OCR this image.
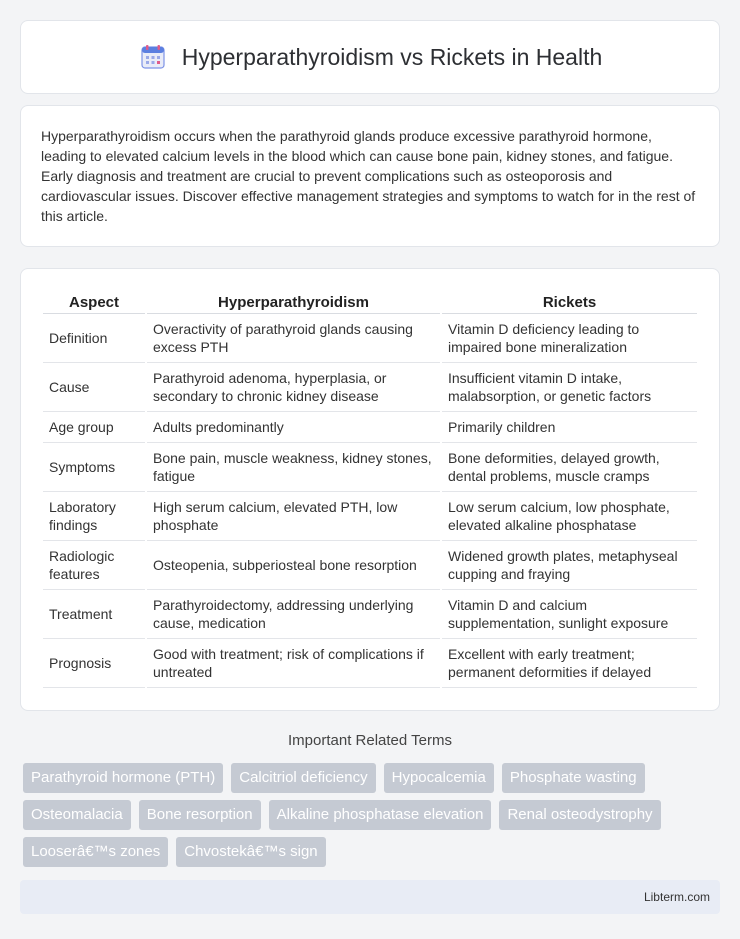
Hyperparathyroidism vs Rickets in Health
Hyperparathyroidism occurs when the parathyroid glands produce excessive parathyroid hormone, leading to elevated calcium levels in the blood which can cause bone pain, kidney stones, and fatigue. Early diagnosis and treatment are crucial to prevent complications such as osteoporosis and cardiovascular issues. Discover effective management strategies and symptoms to watch for in the rest of this article.
Aspect	Hyperparathyroidism	Rickets
Definition	Overactivity of parathyroid glands causing excess PTH	Vitamin D deficiency leading to impaired bone mineralization
Cause	Parathyroid adenoma, hyperplasia, or secondary to chronic kidney disease	Insufficient vitamin D intake, malabsorption, or genetic factors
Age group	Adults predominantly	Primarily children
Symptoms	Bone pain, muscle weakness, kidney stones, fatigue	Bone deformities, delayed growth, dental problems, muscle cramps
Laboratory findings	High serum calcium, elevated PTH, low phosphate	Low serum calcium, low phosphate, elevated alkaline phosphatase
Radiologic features	Osteopenia, subperiosteal bone resorption	Widened growth plates, metaphyseal cupping and fraying
Treatment	Parathyroidectomy, addressing underlying cause, medication	Vitamin D and calcium supplementation, sunlight exposure
Prognosis	Good with treatment; risk of complications if untreated	Excellent with early treatment; permanent deformities if delayed
Important Related Terms
Parathyroid hormone (PTH)	Calcitriol deficiency	Hypocalcemia	Phosphate wasting
Osteomalacia	Bone resorption	Alkaline phosphatase elevation	Renal osteodystrophy
Looserâ€™s zones	Chvostekâ€™s sign
Libterm.com
